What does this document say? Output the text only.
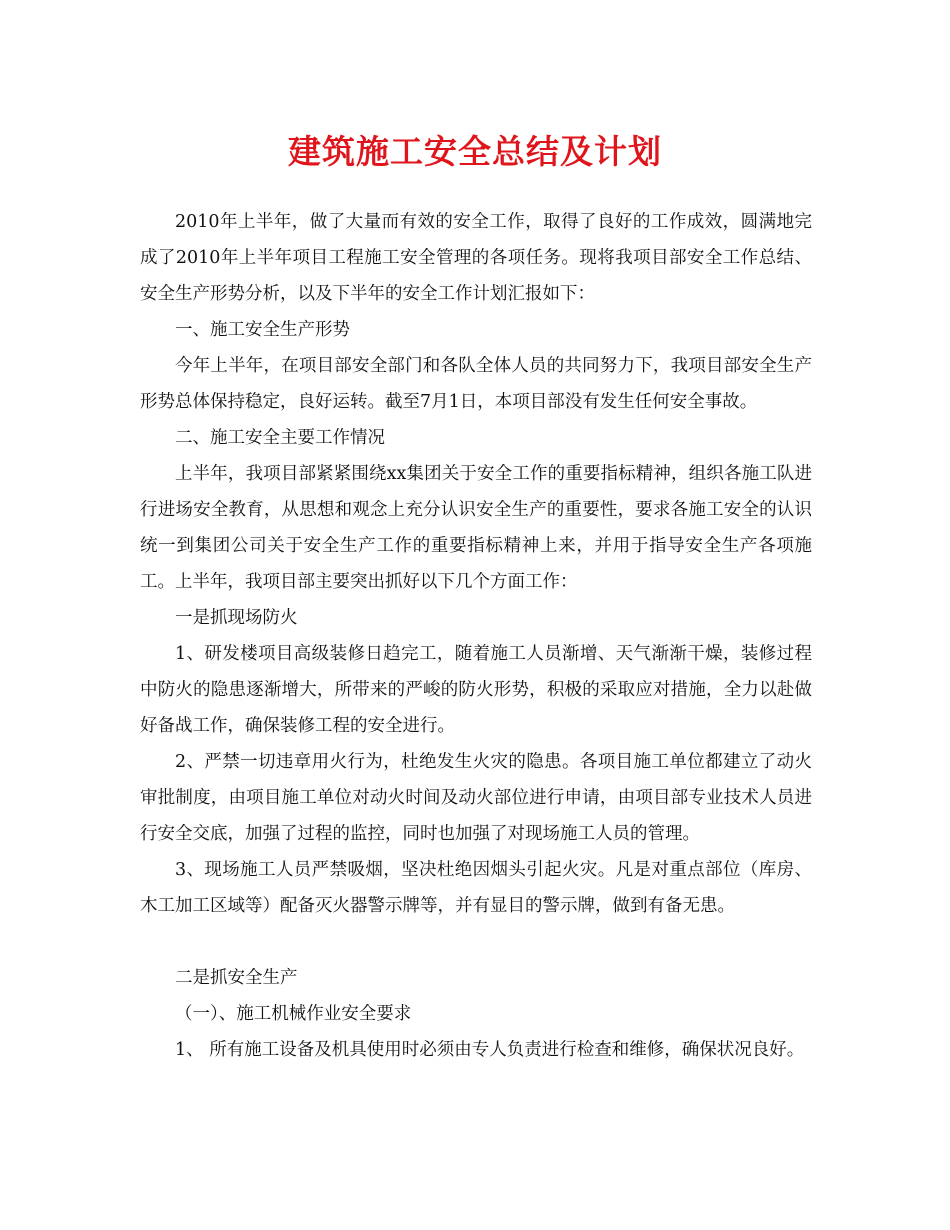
建筑施工安全总结及计划

2010年上半年，做了大量而有效的安全工作，取得了良好的工作成效，圆满地完成了2010年上半年项目工程施工安全管理的各项任务。现将我项目部安全工作总结、安全生产形势分析，以及下半年的安全工作计划汇报如下：

一、施工安全生产形势

今年上半年，在项目部安全部门和各队全体人员的共同努力下，我项目部安全生产形势总体保持稳定，良好运转。截至7月1日，本项目部没有发生任何安全事故。

二、施工安全主要工作情况

上半年，我项目部紧紧围绕xx集团关于安全工作的重要指标精神，组织各施工队进行进场安全教育，从思想和观念上充分认识安全生产的重要性，要求各施工安全的认识统一到集团公司关于安全生产工作的重要指标精神上来，并用于指导安全生产各项施工。上半年，我项目部主要突出抓好以下几个方面工作：

一是抓现场防火

1、研发楼项目高级装修日趋完工，随着施工人员渐增、天气渐渐干燥，装修过程中防火的隐患逐渐增大，所带来的严峻的防火形势，积极的采取应对措施，全力以赴做好备战工作，确保装修工程的安全进行。

2、严禁一切违章用火行为，杜绝发生火灾的隐患。各项目施工单位都建立了动火审批制度，由项目施工单位对动火时间及动火部位进行申请，由项目部专业技术人员进行安全交底，加强了过程的监控，同时也加强了对现场施工人员的管理。

3、现场施工人员严禁吸烟，坚决杜绝因烟头引起火灾。凡是对重点部位（库房、木工加工区域等）配备灭火器警示牌等，并有显目的警示牌，做到有备无患。

二是抓安全生产

（一）、施工机械作业安全要求

1、 所有施工设备及机具使用时必须由专人负责进行检查和维修，确保状况良好。
